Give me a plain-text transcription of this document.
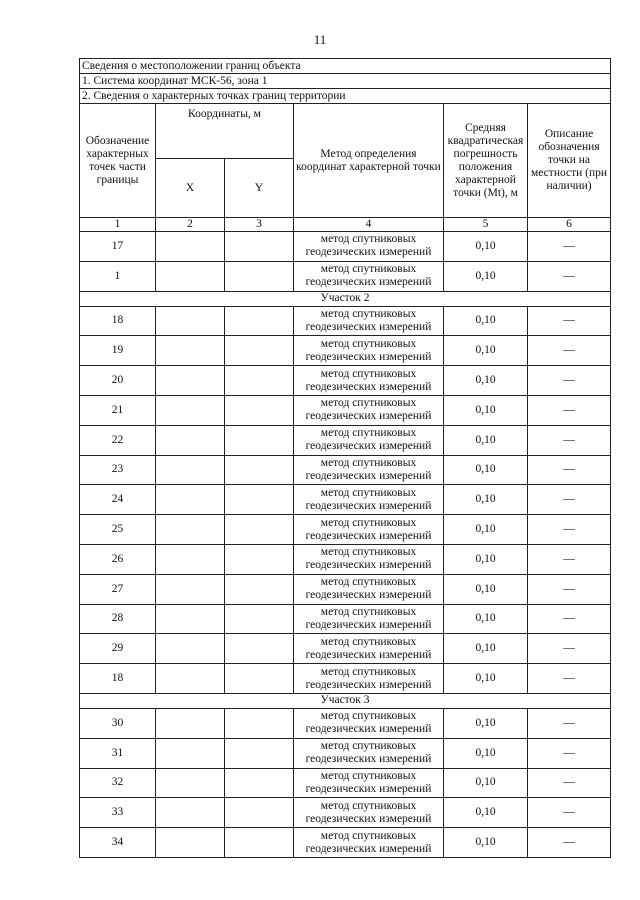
11
Сведения о местоположении границ объекта					
1. Система координат МСК-56, зона 1					
2. Сведения о характерных точках границ территории					
Обозначение характерных точек части границы	Координаты, м		Метод определения координат характерной точки	Средняя квадратическая погрешность положения характерной точки (Mt), м	Описание обозначения точки на местности (при наличии)
	X	Y			
1	2	3	4	5	6
17			метод спутниковых геодезических измерений	0,10	—
1			метод спутниковых геодезических измерений	0,10	—
Участок 2					
18			метод спутниковых геодезических измерений	0,10	—
19			метод спутниковых геодезических измерений	0,10	—
20			метод спутниковых геодезических измерений	0,10	—
21			метод спутниковых геодезических измерений	0,10	—
22			метод спутниковых геодезических измерений	0,10	—
23			метод спутниковых геодезических измерений	0,10	—
24			метод спутниковых геодезических измерений	0,10	—
25			метод спутниковых геодезических измерений	0,10	—
26			метод спутниковых геодезических измерений	0,10	—
27			метод спутниковых геодезических измерений	0,10	—
28			метод спутниковых геодезических измерений	0,10	—
29			метод спутниковых геодезических измерений	0,10	—
18			метод спутниковых геодезических измерений	0,10	—
Участок 3					
30			метод спутниковых геодезических измерений	0,10	—
31			метод спутниковых геодезических измерений	0,10	—
32			метод спутниковых геодезических измерений	0,10	—
33			метод спутниковых геодезических измерений	0,10	—
34			метод спутниковых геодезических измерений	0,10	—
